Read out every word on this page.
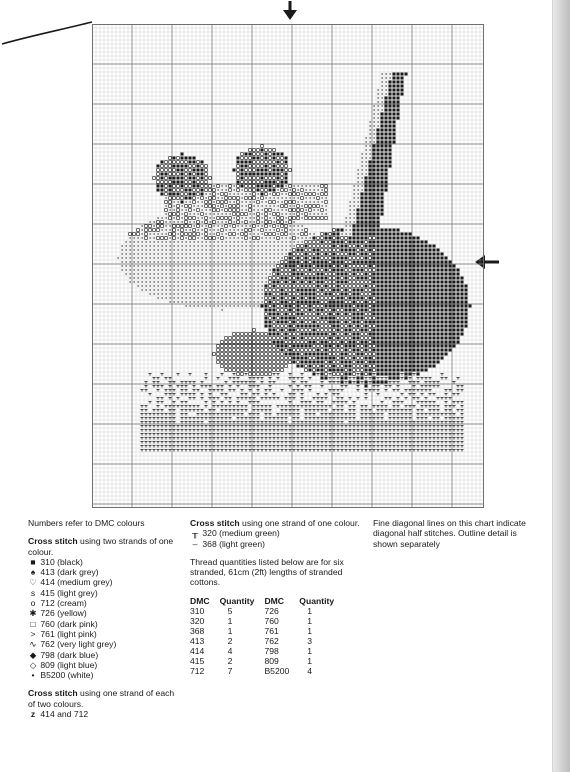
Numbers refer to DMC colours

Cross stitch using two strands of one colour.

■ 310 (black)

♠ 413 (dark grey)

♡ 414 (medium grey)

s 415 (light grey)

o 712 (cream)

✱ 726 (yellow)

□ 760 (dark pink)

> 761 (light pink)

∿ 762 (very light grey)

◆ 798 (dark blue)

◇ 809 (light blue)

• B5200 (white)

Cross stitch using one strand of each of two colours.

z 414 and 712

Cross stitch using one strand of one colour.

╥ 320 (medium green)

– 368 (light green)

Thread quantities listed below are for six stranded, 61cm (2ft) lengths of stranded cottons.

DMC	Quantity	DMC	Quantity
310	5	726	1
320	1	760	1
368	1	761	1
413	2	762	3
414	4	798	1
415	2	809	1
712	7	B5200	4

Fine diagonal lines on this chart indicate diagonal half stitches. Outline detail is shown separately
